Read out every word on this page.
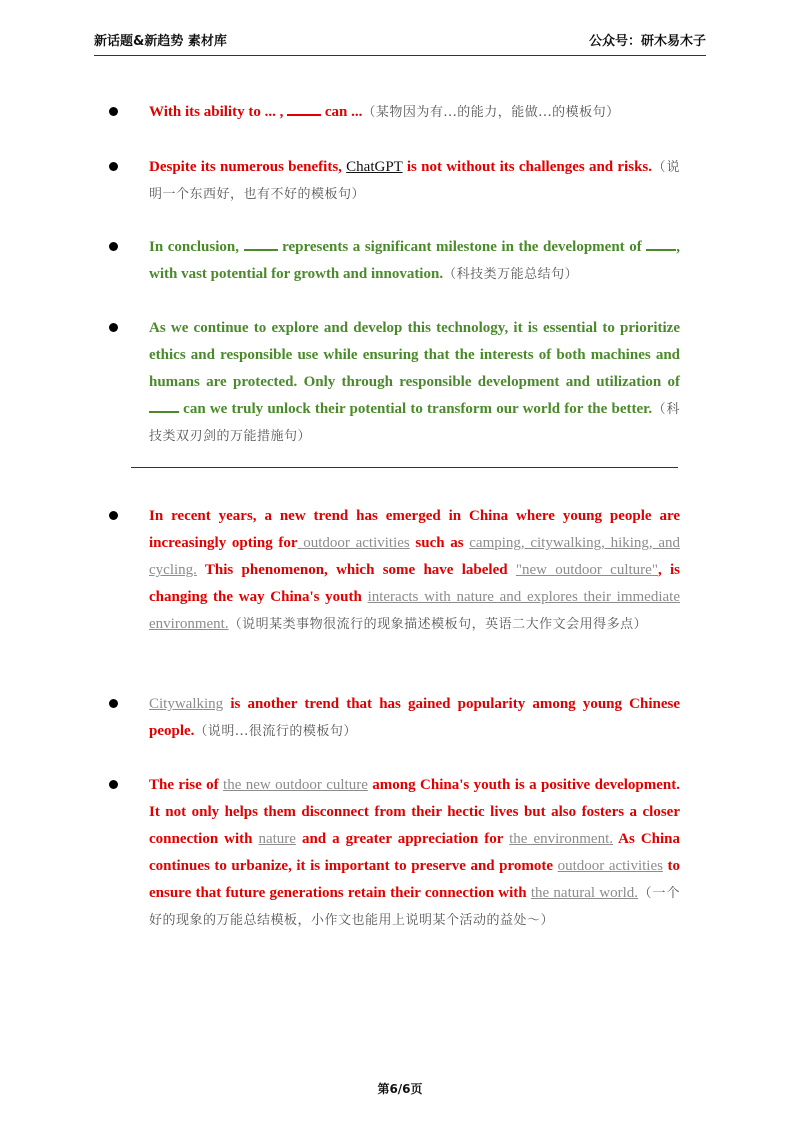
新话题&新趋势 素材库	公众号：研木易木子
With its ability to ... ,	can ...（某物因为有...的能力，能做...的模板句）
Despite its numerous benefits, ChatGPT is not without its challenges and risks.（说明一个东西好，也有不好的模板句）
In conclusion,	represents a significant milestone in the development of , with vast potential for growth and innovation.（科技类万能总结句）
As we continue to explore and develop this technology, it is essential to prioritize ethics and responsible use while ensuring that the interests of both machines and humans are protected. Only through responsible development and utilization of  can we truly unlock their potential to transform our world for the better.（科技类双刃剑的万能措施句）
In recent years, a new trend has emerged in China where young people are increasingly opting for outdoor activities such as camping, citywalking, hiking, and cycling. This phenomenon, which some have labeled "new outdoor culture", is changing the way China's youth interacts with nature and explores their immediate environment.（说明某类事物很流行的现象描述模板句，英语二大作文会用得多点）
Citywalking is another trend that has gained popularity among young Chinese people.（说明...很流行的模板句）
The rise of the new outdoor culture among China's youth is a positive development. It not only helps them disconnect from their hectic lives but also fosters a closer connection with nature and a greater appreciation for the environment. As China continues to urbanize, it is important to preserve and promote outdoor activities to ensure that future generations retain their connection with the natural world.（一个好的现象的万能总结模板，小作文也能用上说明某个活动的益处～）
第6/6页
